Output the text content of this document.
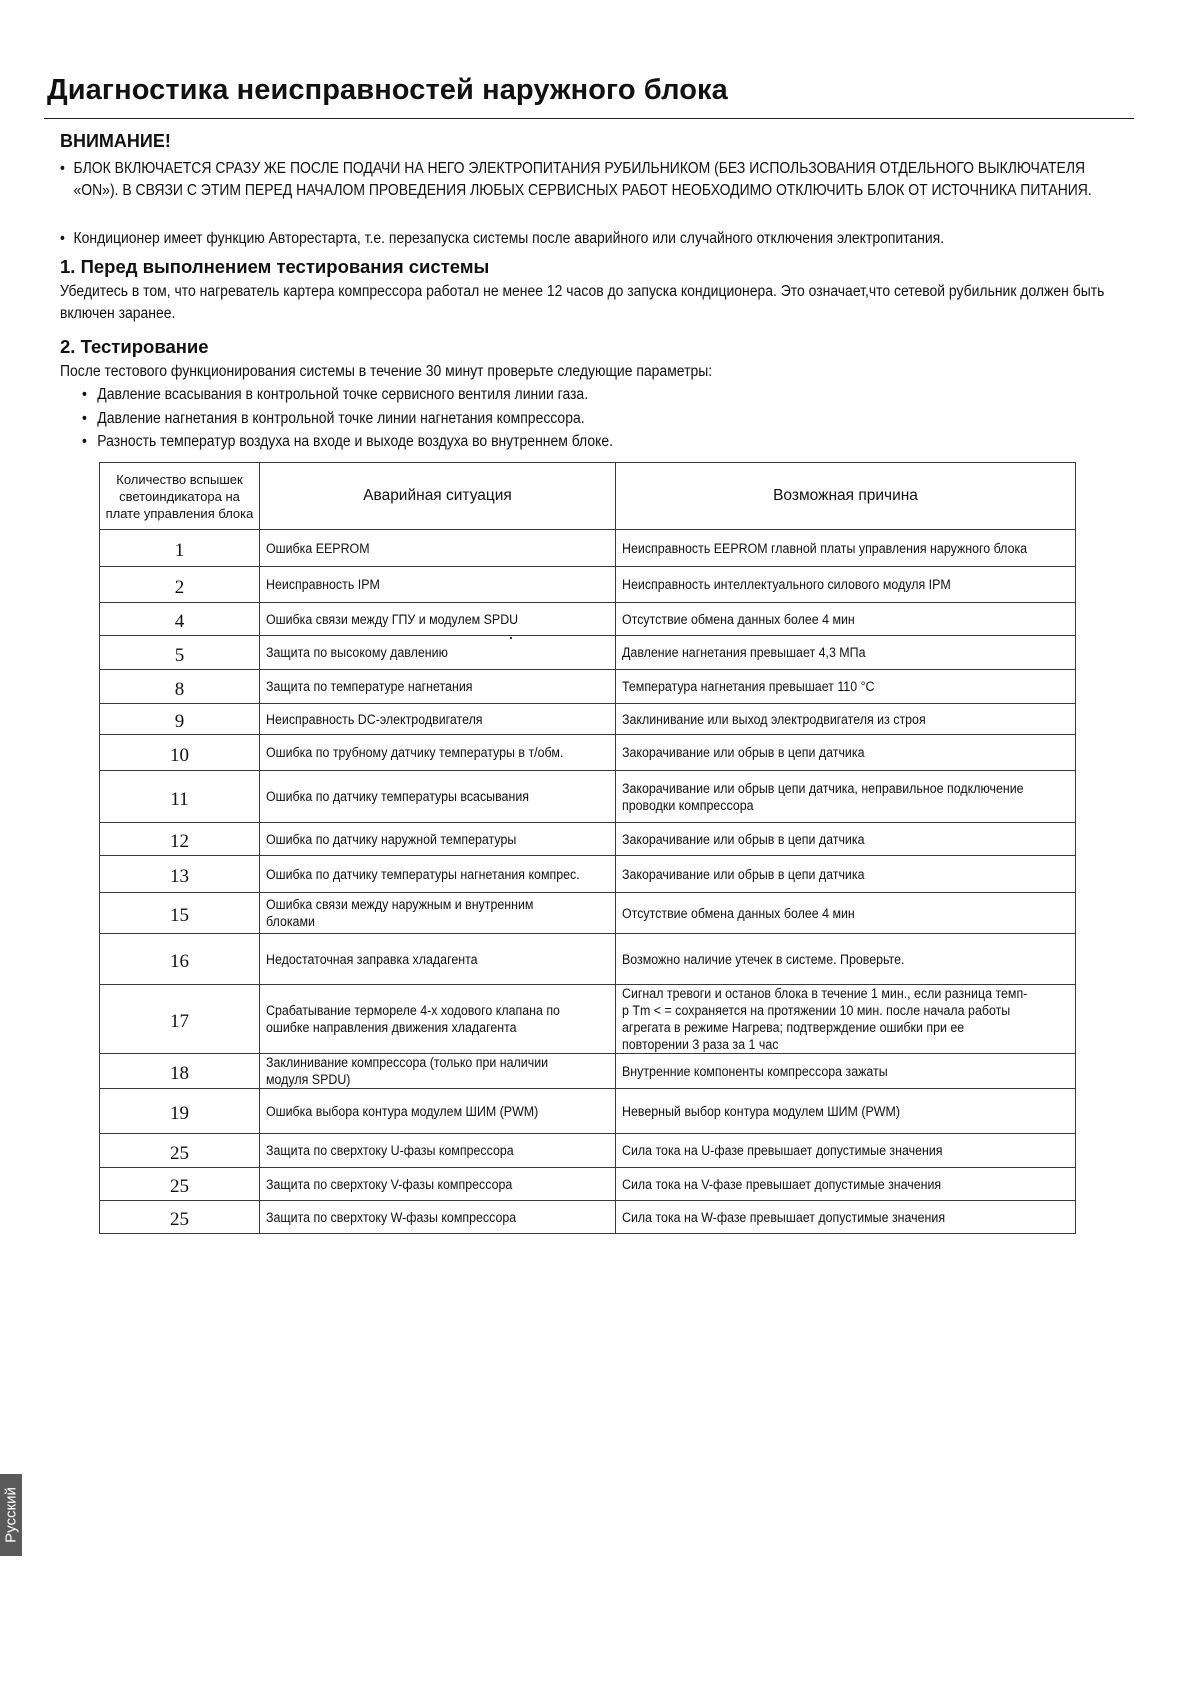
Диагностика неисправностей наружного блока
ВНИМАНИЕ!
• БЛОК ВКЛЮЧАЕТСЯ СРАЗУ ЖЕ ПОСЛЕ ПОДАЧИ НА НЕГО ЭЛЕКТРОПИТАНИЯ РУБИЛЬНИКОМ (БЕЗ ИСПОЛЬЗОВАНИЯ ОТДЕЛЬНОГО ВЫКЛЮЧАТЕЛЯ «ON»). В СВЯЗИ С ЭТИМ ПЕРЕД НАЧАЛОМ ПРОВЕДЕНИЯ ЛЮБЫХ СЕРВИСНЫХ РАБОТ НЕОБХОДИМО ОТКЛЮЧИТЬ БЛОК ОТ ИСТОЧНИКА ПИТАНИЯ.
• Кондиционер имеет функцию Авторестарта, т.е. перезапуска системы после аварийного или случайного отключения электропитания.
1. Перед выполнением тестирования системы
Убедитесь в том, что нагреватель картера компрессора работал не менее 12 часов до запуска кондиционера. Это означает,что сетевой рубильник должен быть включен заранее.
2. Тестирование
После тестового функционирования системы в течение 30 минут проверьте следующие параметры:
• Давление всасывания в контрольной точке сервисного вентиля линии газа.
• Давление нагнетания в контрольной точке линии нагнетания компрессора.
• Разность температур воздуха на входе и выходе воздуха во внутреннем блоке.
Количество вспышек светоиндикатора на плате управления блока	Аварийная ситуация	Возможная причина
1	Ошибка EEPROM	Неисправность EEPROM главной платы управления наружного блока
2	Неисправность IPM	Неисправность интеллектуального силового модуля IPM
4	Ошибка связи между ГПУ и модулем SPDU	Отсутствие обмена данных более 4 мин
5	Защита по высокому давлению	Давление нагнетания превышает 4,3 МПа
8	Защита по температуре нагнетания	Температура нагнетания превышает 110 °С
9	Неисправность DC-электродвигателя	Заклинивание или выход электродвигателя из строя
10	Ошибка по трубному датчику температуры в т/обм.	Закорачивание или обрыв в цепи датчика
11	Ошибка по датчику температуры всасывания	Закорачивание или обрыв цепи датчика, неправильное подключение проводки компрессора
12	Ошибка по датчику наружной температуры	Закорачивание или обрыв в цепи датчика
13	Ошибка по датчику температуры нагнетания компрес.	Закорачивание или обрыв в цепи датчика
15	Ошибка связи между наружным и внутренним блоками	Отсутствие обмена данных более 4 мин
16	Недостаточная заправка хладагента	Возможно наличие утечек в системе. Проверьте.
17	Срабатывание термореле 4-х ходового клапана по ошибке направления движения хладагента	Сигнал тревоги и останов блока в течение 1 мин., если разница темп-р Tm < = сохраняется на протяжении 10 мин. после начала работы агрегата в режиме Нагрева; подтверждение ошибки при ее повторении 3 раза за 1 час
18	Заклинивание компрессора (только при наличии модуля SPDU)	Внутренние компоненты компрессора зажаты
19	Ошибка выбора контура модулем ШИМ (PWM)	Неверный выбор контура модулем ШИМ (PWM)
25	Защита по сверхтоку U-фазы компрессора	Сила тока на U-фазе превышает допустимые значения
25	Защита по сверхтоку V-фазы компрессора	Сила тока на V-фазе превышает допустимые значения
25	Защита по сверхтоку W-фазы компрессора	Сила тока на W-фазе превышает допустимые значения
Русский
